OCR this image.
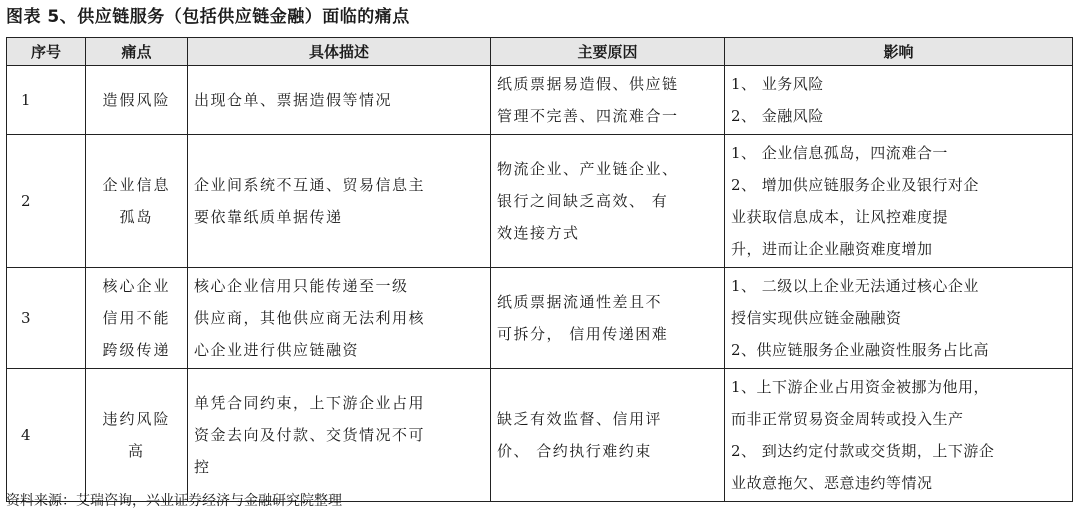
图表 5、供应链服务（包括供应链金融）面临的痛点
序号	痛点	具体描述	主要原因	影响
1	造假风险	出现仓单、票据造假等情况	纸质票据易造假、供应链
管理不完善、四流难合一	1、 业务风险
2、 金融风险

2	企业信息
孤岛	企业间系统不互通、贸易信息主
要依靠纸质单据传递	物流企业、产业链企业、
银行之间缺乏高效、 有
效连接方式	1、 企业信息孤岛，四流难合一
2、 增加供应链服务企业及银行对企
业获取信息成本，让风控难度提
升，进而让企业融资难度增加

3	核心企业
信用不能
跨级传递	核心企业信用只能传递至一级
供应商，其他供应商无法利用核
心企业进行供应链融资	纸质票据流通性差且不
可拆分， 信用传递困难	1、 二级以上企业无法通过核心企业
授信实现供应链金融融资
2、供应链服务企业融资性服务占比高

4	违约风险
高	单凭合同约束，上下游企业占用
资金去向及付款、交货情况不可
控	缺乏有效监督、信用评
价、 合约执行难约束	1、上下游企业占用资金被挪为他用，
而非正常贸易资金周转或投入生产
2、 到达约定付款或交货期，上下游企
业故意拖欠、恶意违约等情况
资料来源：艾瑞咨询，兴业证券经济与金融研究院整理
